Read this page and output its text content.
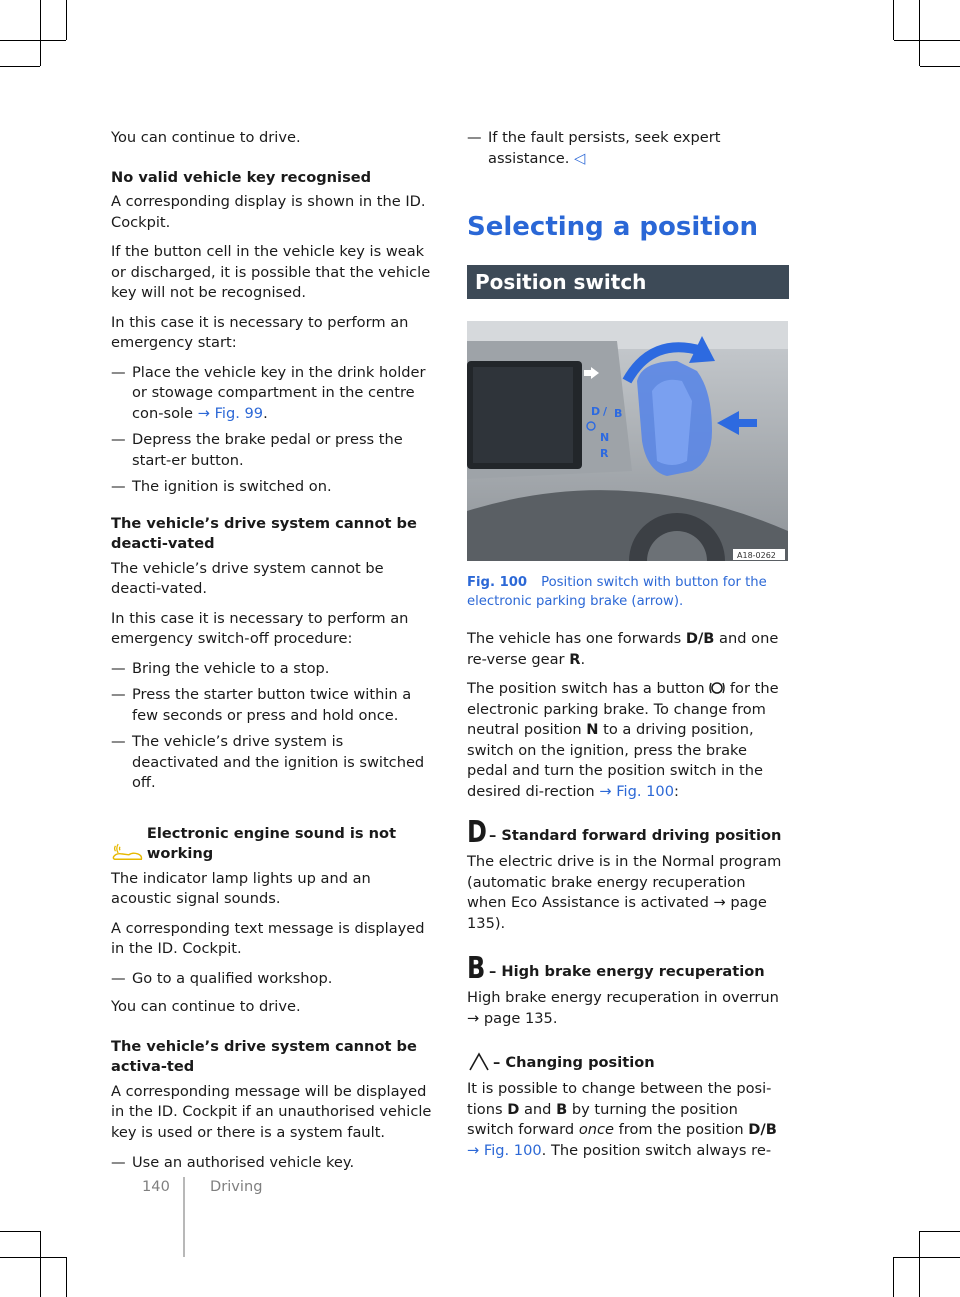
You can continue to drive.

No valid vehicle key recognised

A corresponding display is shown in the ID. Cockpit.

If the button cell in the vehicle key is weak or discharged, it is possible that the vehicle key will not be recognised.

In this case it is necessary to perform an emergency start:

— Place the vehicle key in the drink holder or stowage compartment in the centre con-sole → Fig. 99.
— Depress the brake pedal or press the start-er button.
— The ignition is switched on.

The vehicle’s drive system cannot be deacti-vated

The vehicle’s drive system cannot be deacti-vated.

In this case it is necessary to perform an emergency switch-off procedure:

— Bring the vehicle to a stop.
— Press the starter button twice within a few seconds or press and hold once.
— The vehicle’s drive system is deactivated and the ignition is switched off.

Electronic engine sound is not working

The indicator lamp lights up and an acoustic signal sounds.

A corresponding text message is displayed in the ID. Cockpit.

— Go to a qualified workshop.

You can continue to drive.

The vehicle’s drive system cannot be activa-ted

A corresponding message will be displayed in the ID. Cockpit if an unauthorised vehicle key is used or there is a system fault.

— Use an authorised vehicle key.
— If the fault persists, seek expert assistance. ◁
Selecting a position
Position switch
D / B
N
R
A18-0262
Fig. 100 Position switch with button for the electronic parking brake (arrow).

The vehicle has one forwards D/B and one re-verse gear R.

The position switch has a button for the electronic parking brake. To change from neutral position N to a driving position, switch on the ignition, press the brake pedal and turn the position switch in the desired di-rection → Fig. 100:

D – Standard forward driving position

The electric drive is in the Normal program (automatic brake energy recuperation when Eco Assistance is activated → page 135).

B – High brake energy recuperation

High brake energy recuperation in overrun
→ page 135.

– Changing position

It is possible to change between the posi-tions D and B by turning the position switch forward once from the position D/B
→ Fig. 100. The position switch always re-

140	Driving
